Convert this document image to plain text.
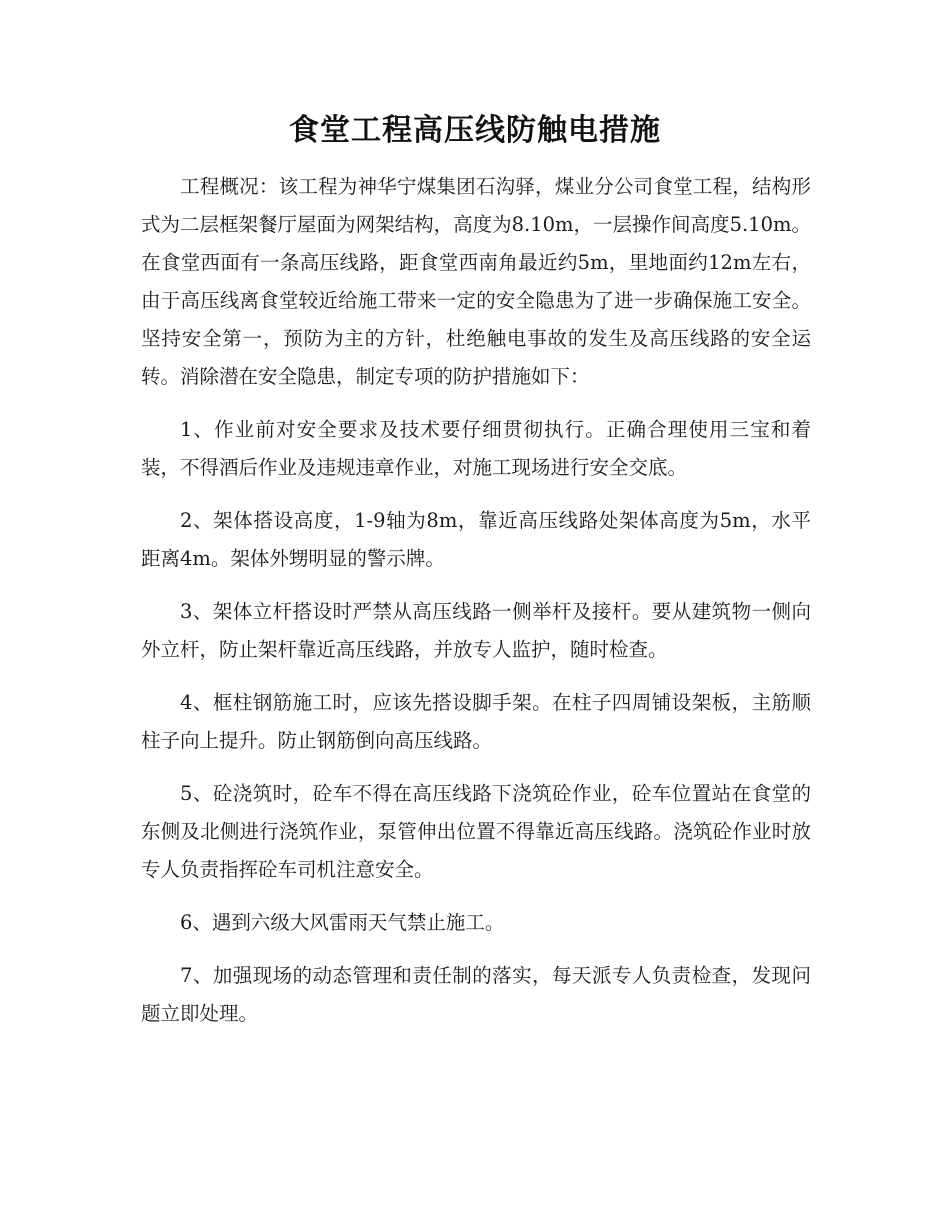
食堂工程高压线防触电措施

工程概况：该工程为神华宁煤集团石沟驿，煤业分公司食堂工程，结构形式为二层框架餐厅屋面为网架结构，高度为8.10m，一层操作间高度5.10m。在食堂西面有一条高压线路，距食堂西南角最近约5m，里地面约12m左右，由于高压线离食堂较近给施工带来一定的安全隐患为了进一步确保施工安全。坚持安全第一，预防为主的方针，杜绝触电事故的发生及高压线路的安全运转。消除潜在安全隐患，制定专项的防护措施如下：

1、作业前对安全要求及技术要仔细贯彻执行。正确合理使用三宝和着装，不得酒后作业及违规违章作业，对施工现场进行安全交底。

2、架体搭设高度，1-9轴为8m，靠近高压线路处架体高度为5m，水平距离4m。架体外甥明显的警示牌。

3、架体立杆搭设时严禁从高压线路一侧举杆及接杆。要从建筑物一侧向外立杆，防止架杆靠近高压线路，并放专人监护，随时检查。

4、框柱钢筋施工时，应该先搭设脚手架。在柱子四周铺设架板，主筋顺柱子向上提升。防止钢筋倒向高压线路。

5、砼浇筑时，砼车不得在高压线路下浇筑砼作业，砼车位置站在食堂的东侧及北侧进行浇筑作业，泵管伸出位置不得靠近高压线路。浇筑砼作业时放专人负责指挥砼车司机注意安全。

6、遇到六级大风雷雨天气禁止施工。

7、加强现场的动态管理和责任制的落实，每天派专人负责检查，发现问题立即处理。
